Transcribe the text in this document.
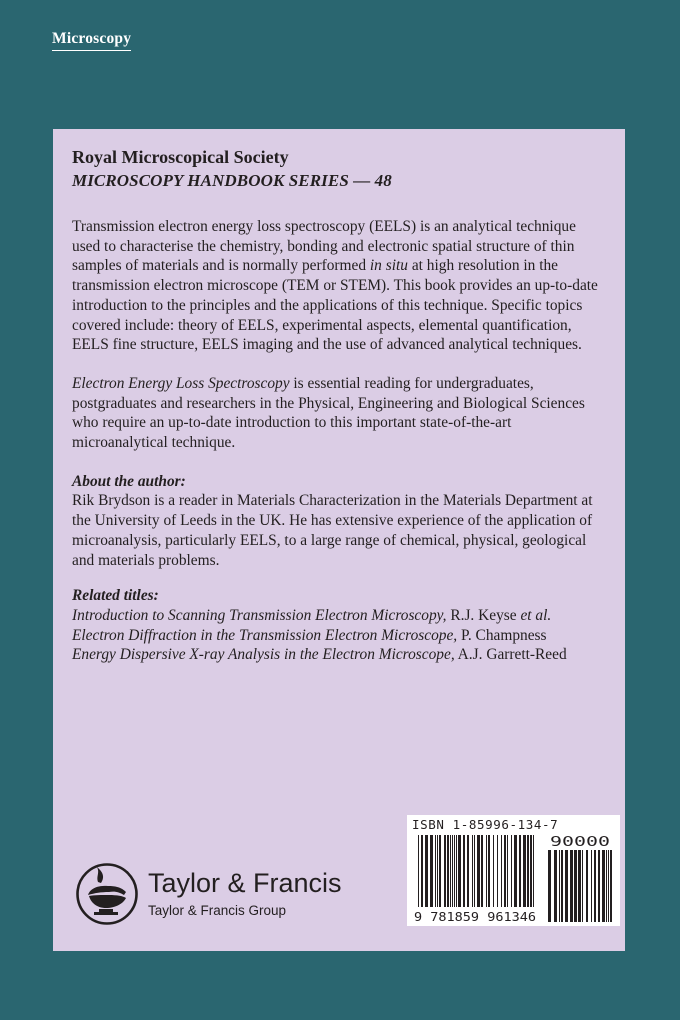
Microscopy
Royal Microscopical Society
MICROSCOPY HANDBOOK SERIES — 48

Transmission electron energy loss spectroscopy (EELS) is an analytical technique used to characterise the chemistry, bonding and electronic spatial structure of thin samples of materials and is normally performed in situ at high resolution in the transmission electron microscope (TEM or STEM). This book provides an up-to-date introduction to the principles and the applications of this technique. Specific topics covered include: theory of EELS, experimental aspects, elemental quantification, EELS fine structure, EELS imaging and the use of advanced analytical techniques.

Electron Energy Loss Spectroscopy is essential reading for undergraduates, postgraduates and researchers in the Physical, Engineering and Biological Sciences who require an up-to-date introduction to this important state-of-the-art microanalytical technique.

About the author:
Rik Brydson is a reader in Materials Characterization in the Materials Department at the University of Leeds in the UK. He has extensive experience of the application of microanalysis, particularly EELS, to a large range of chemical, physical, geological and materials problems.

Related titles:
Introduction to Scanning Transmission Electron Microscopy, R.J. Keyse et al.
Electron Diffraction in the Transmission Electron Microscope, P. Champness
Energy Dispersive X-ray Analysis in the Electron Microscope, A.J. Garrett-Reed
ISBN 1-85996-134-7
9 781859 961346
90000
Taylor & Francis
Taylor & Francis Group
